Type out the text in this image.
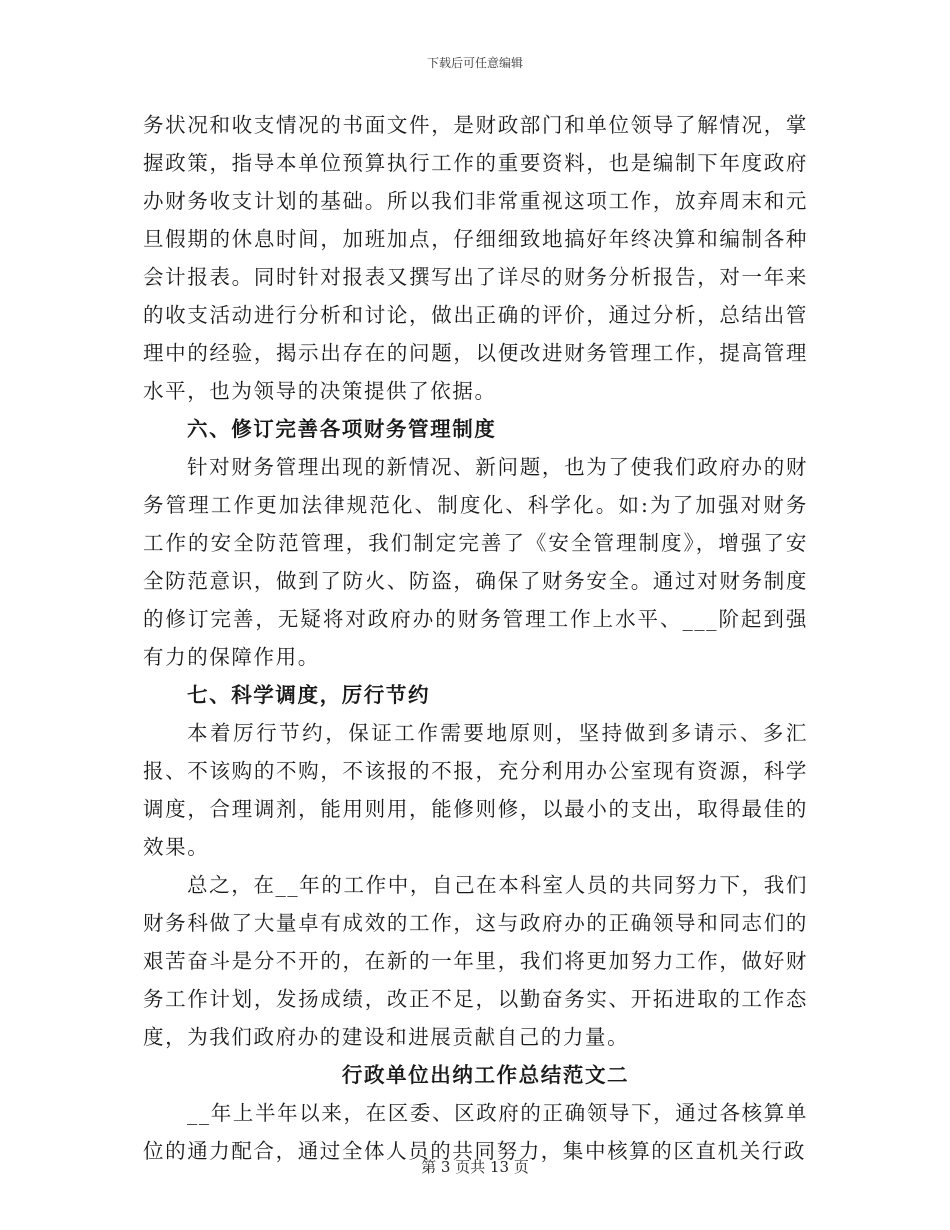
下载后可任意编辑

务状况和收支情况的书面文件，是财政部门和单位领导了解情况，掌握政策，指导本单位预算执行工作的重要资料，也是编制下年度政府办财务收支计划的基础。所以我们非常重视这项工作，放弃周末和元旦假期的休息时间，加班加点，仔细细致地搞好年终决算和编制各种会计报表。同时针对报表又撰写出了详尽的财务分析报告，对一年来的收支活动进行分析和讨论，做出正确的评价，通过分析，总结出管理中的经验，揭示出存在的问题，以便改进财务管理工作，提高管理水平，也为领导的决策提供了依据。

六、修订完善各项财务管理制度

针对财务管理出现的新情况、新问题，也为了使我们政府办的财务管理工作更加法律规范化、制度化、科学化。如:为了加强对财务工作的安全防范管理，我们制定完善了《安全管理制度》，增强了安全防范意识，做到了防火、防盗，确保了财务安全。通过对财务制度的修订完善，无疑将对政府办的财务管理工作上水平、___阶起到强有力的保障作用。

七、科学调度，厉行节约

本着厉行节约，保证工作需要地原则，坚持做到多请示、多汇报、不该购的不购，不该报的不报，充分利用办公室现有资源，科学调度，合理调剂，能用则用，能修则修，以最小的支出，取得最佳的效果。

总之，在__年的工作中，自己在本科室人员的共同努力下，我们财务科做了大量卓有成效的工作，这与政府办的正确领导和同志们的艰苦奋斗是分不开的，在新的一年里，我们将更加努力工作，做好财务工作计划，发扬成绩，改正不足，以勤奋务实、开拓进取的工作态度，为我们政府办的建设和进展贡献自己的力量。

行政单位出纳工作总结范文二

__年上半年以来，在区委、区政府的正确领导下，通过各核算单位的通力配合，通过全体人员的共同努力，集中核算的区直机关行政

第 3 页共 13 页
